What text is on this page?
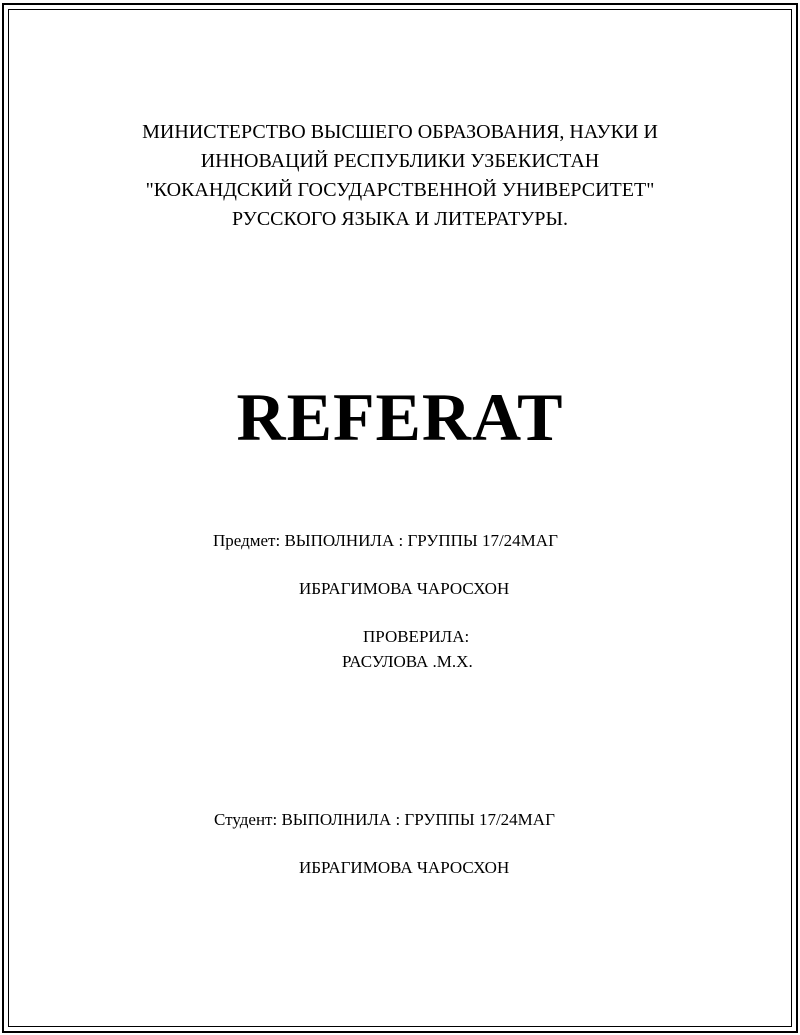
МИНИСТЕРСТВО ВЫСШЕГО ОБРАЗОВАНИЯ, НАУКИ И
ИННОВАЦИЙ РЕСПУБЛИКИ УЗБЕКИСТАН
"КОКАНДСКИЙ ГОСУДАРСТВЕННОЙ УНИВЕРСИТЕТ"
РУССКОГО ЯЗЫКА И ЛИТЕРАТУРЫ.
REFERAT
Предмет: ВЫПОЛНИЛА : ГРУППЫ 17/24МАГ
ИБРАГИМОВА ЧАРОСХОН
ПРОВЕРИЛА:
РАСУЛОВА .М.Х.
Студент: ВЫПОЛНИЛА : ГРУППЫ 17/24МАГ
ИБРАГИМОВА ЧАРОСХОН
